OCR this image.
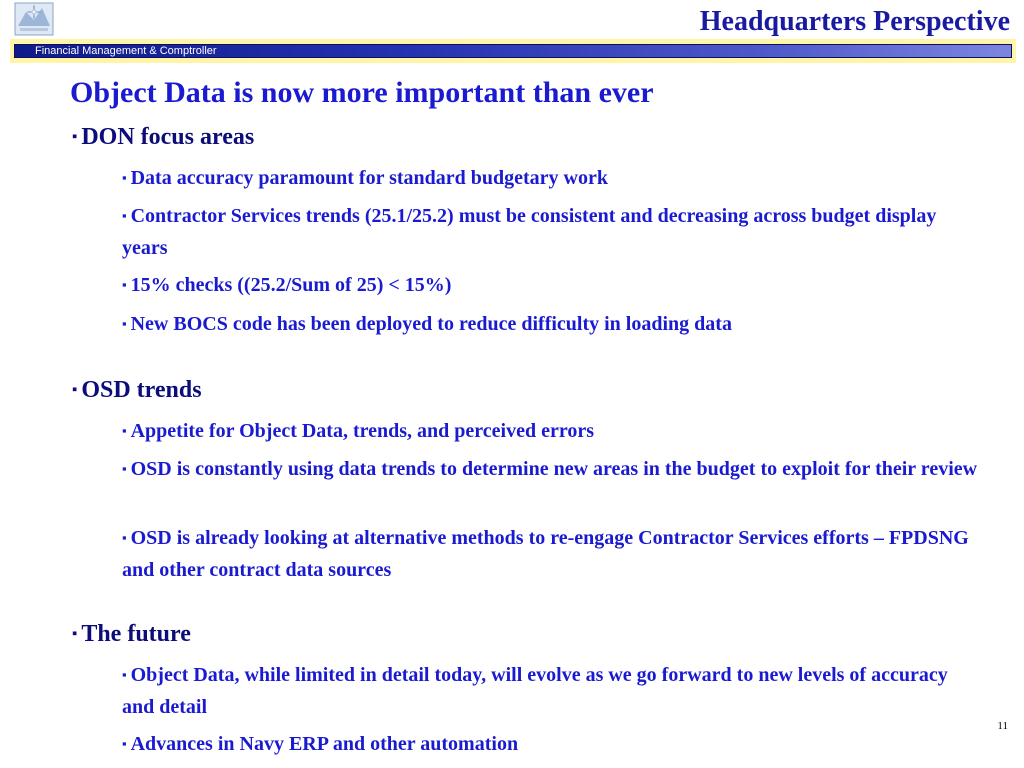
Headquarters Perspective
Financial Management & Comptroller
Object Data is now more important than ever
▪ DON focus areas
▪ Data accuracy paramount for standard budgetary work
▪ Contractor Services trends (25.1/25.2) must be consistent and decreasing across budget display years
▪ 15% checks ((25.2/Sum of 25) < 15%)
▪ New BOCS code has been deployed to reduce difficulty in loading data
▪ OSD trends
▪ Appetite for Object Data, trends, and perceived errors
▪ OSD is constantly using data trends to determine new areas in the budget to exploit for their review
▪ OSD is already looking at alternative methods to re-engage Contractor Services efforts – FPDSNG and other contract data sources
▪ The future
▪ Object Data, while limited in detail today, will evolve as we go forward to new levels of accuracy and detail
▪ Advances in Navy ERP and other automation
11
